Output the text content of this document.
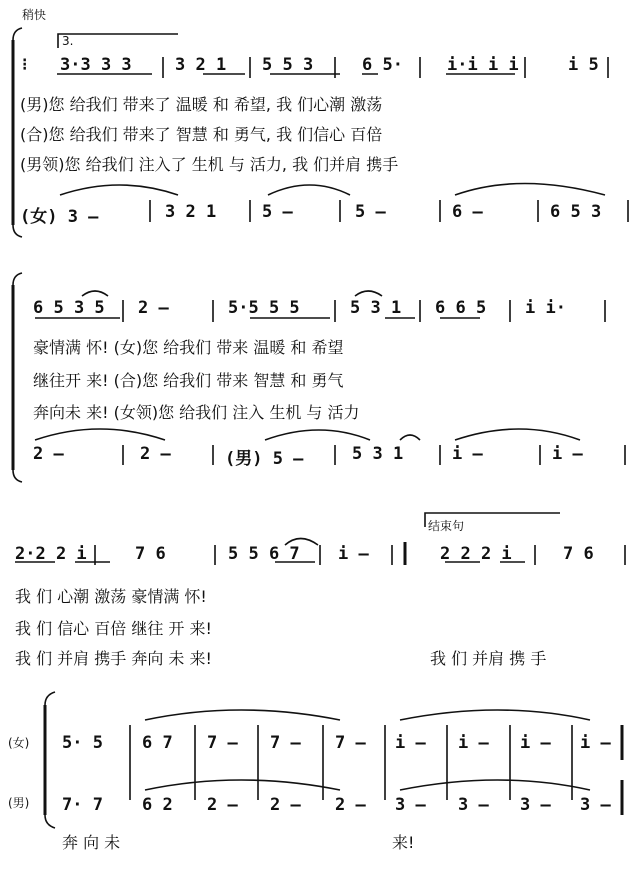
稍快
3.
⁝ 3·3 3 3	3 2 1 5 5 3	6 5·	i·i i i	i 5
(男)您 给我们 带来了 温暖 和 希望, 我 们心潮 激荡
(合)您 给我们 带来了 智慧 和 勇气, 我 们信心 百倍
(男领)您 给我们 注入了 生机 与 活力, 我 们并肩 携手
(女) 3 –	3 2 1	5 –	5 –	6 –	6 5 3
6 5 3 5 2 –	5·5 5 5	5 3 1 6 6 5 i i·
豪情满 怀! (女)您 给我们 带来 温暖 和 希望
继往开 来! (合)您 给我们 带来 智慧 和 勇气
奔向未 来! (女领)您 给我们 注入 生机 与 活力
2 –	2 –	(男) 5 –	5 3 1	i –	i –
结束句
2·2 2 i	7 6	5 5 6 7 i –	2 2 2 i	7 6
我 们 心潮 激荡 豪情满 怀!
我 们 信心 百倍 继往 开 来!
我 们 并肩 携手 奔向 未 来!	我 们 并肩 携 手
(女)
(男)
5· 5 6 7 7 – 7 – 7 – i – i – i – i –
7· 7 6 2 2 – 2 – 2 – 3 – 3 – 3 – 3 –
奔 向 未	来!
